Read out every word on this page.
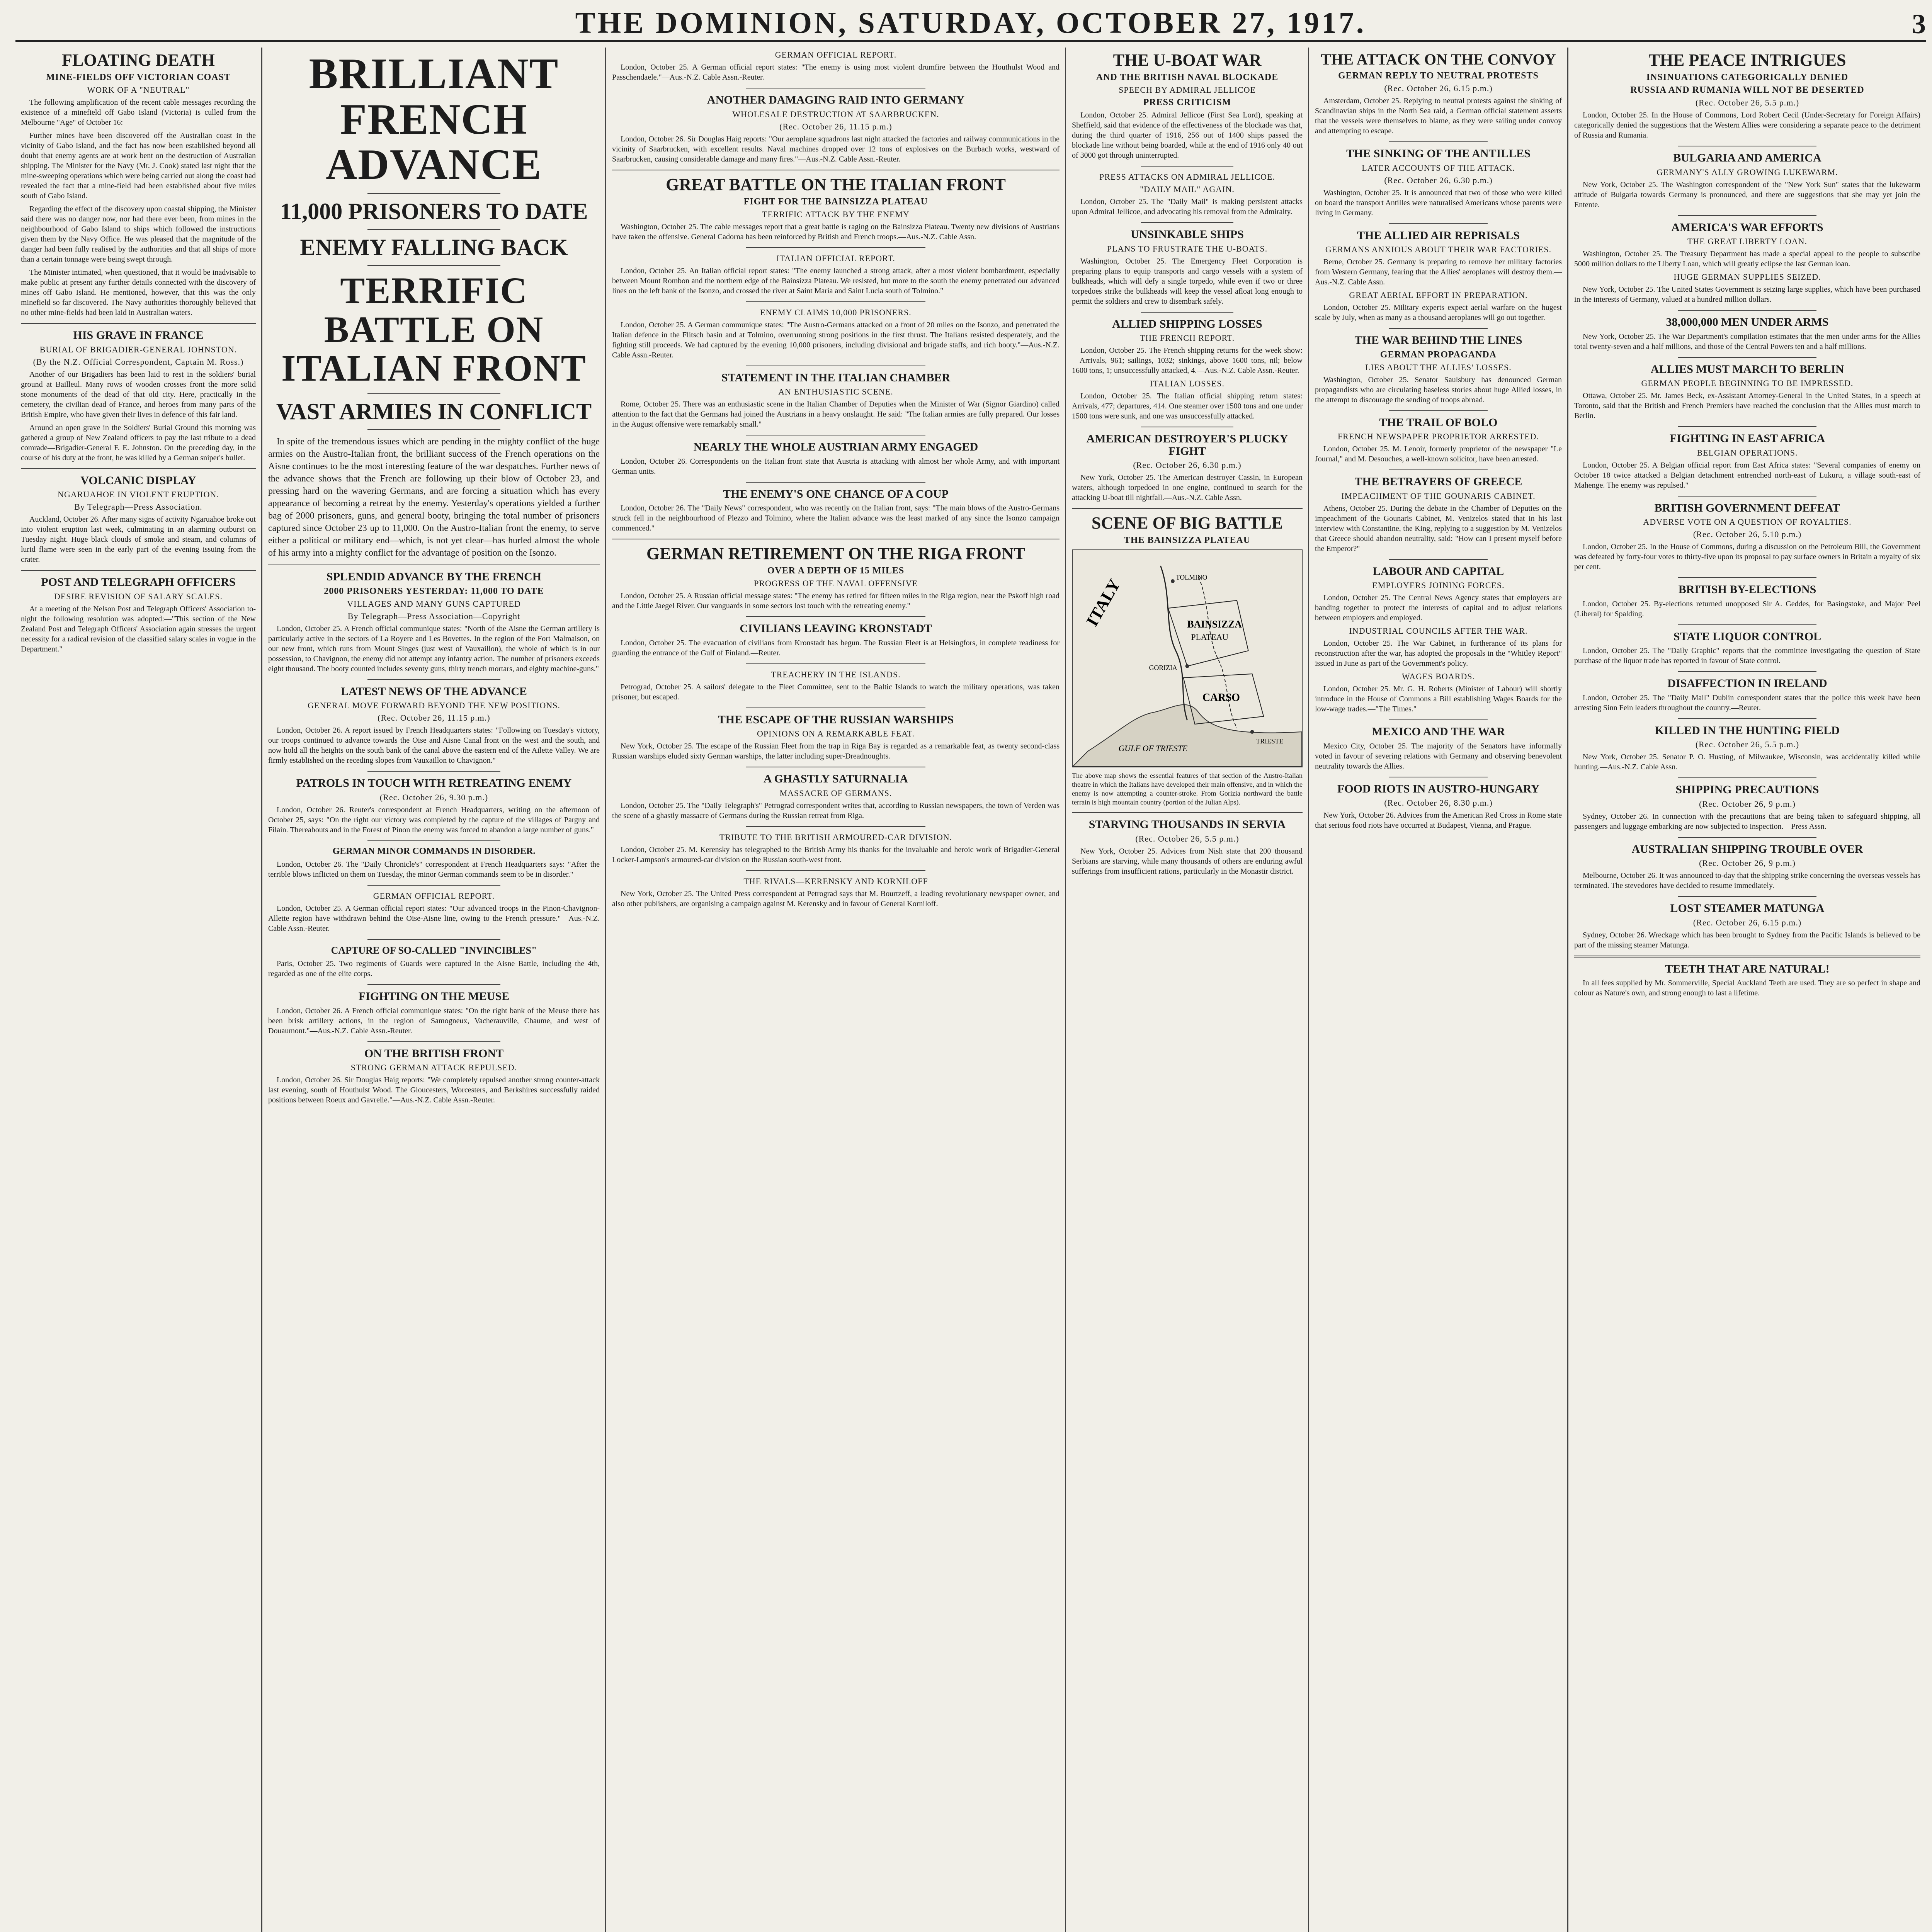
THE DOMINION, SATURDAY, OCTOBER 27, 1917.	3
FLOATING DEATH
MINE-FIELDS OFF VICTORIAN COAST
WORK OF A "NEUTRAL"

The following amplification of the recent cable messages recording the existence of a minefield off Gabo Island (Victoria) is culled from the Melbourne "Age" of October 16:—

Further mines have been discovered off the Australian coast in the vicinity of Gabo Island, and the fact has now been established beyond all doubt that enemy agents are at work bent on the destruction of Australian shipping. The Minister for the Navy (Mr. J. Cook) stated last night that the mine-sweeping operations which were being carried out along the coast had revealed the fact that a mine-field had been established about five miles south of Gabo Island.

Regarding the effect of the discovery upon coastal shipping, the Minister said there was no danger now, nor had there ever been, from mines in the neighbourhood of Gabo Island to ships which followed the instructions given them by the Navy Office. He was pleased that the magnitude of the danger had been fully realised by the authorities and that all ships of more than a certain tonnage were being swept through.

The Minister intimated, when questioned, that it would be inadvisable to make public at present any further details connected with the discovery of mines off Gabo Island. He mentioned, however, that this was the only minefield so far discovered. The Navy authorities thoroughly believed that no other mine-fields had been laid in Australian waters.

HIS GRAVE IN FRANCE
BURIAL OF BRIGADIER-GENERAL JOHNSTON.
(By the N.Z. Official Correspondent, Captain M. Ross.)

Another of our Brigadiers has been laid to rest in the soldiers' burial ground at Bailleul. Many rows of wooden crosses front the more solid stone monuments of the dead of that old city. Here, practically in the cemetery, the civilian dead of France, and heroes from many parts of the British Empire, who have given their lives in defence of this fair land.

Around an open grave in the Soldiers' Burial Ground this morning was gathered a group of New Zealand officers to pay the last tribute to a dead comrade—Brigadier-General F. E. Johnston. On the preceding day, in the course of his duty at the front, he was killed by a German sniper's bullet.

VOLCANIC DISPLAY
NGARUAHOE IN VIOLENT ERUPTION.
By Telegraph—Press Association.

Auckland, October 26. After many signs of activity Ngaruahoe broke out into violent eruption last week, culminating in an alarming outburst on Tuesday night. Huge black clouds of smoke and steam, and columns of lurid flame were seen in the early part of the evening issuing from the crater.

POST AND TELEGRAPH OFFICERS
DESIRE REVISION OF SALARY SCALES.

At a meeting of the Nelson Post and Telegraph Officers' Association to-night the following resolution was adopted:—"This section of the New Zealand Post and Telegraph Officers' Association again stresses the urgent necessity for a radical revision of the classified salary scales in vogue in the Department."

BRILLIANT FRENCH ADVANCE
11,000 PRISONERS TO DATE
ENEMY FALLING BACK
TERRIFIC BATTLE ON ITALIAN FRONT
VAST ARMIES IN CONFLICT

In spite of the tremendous issues which are pending in the mighty conflict of the huge armies on the Austro-Italian front, the brilliant success of the French operations on the Aisne continues to be the most interesting feature of the war despatches. Further news of the advance shows that the French are following up their blow of October 23, and pressing hard on the wavering Germans, and are forcing a situation which has every appearance of becoming a retreat by the enemy. Yesterday's operations yielded a further bag of 2000 prisoners, guns, and general booty, bringing the total number of prisoners captured since October 23 up to 11,000. On the Austro-Italian front the enemy, to serve either a political or military end—which, is not yet clear—has hurled almost the whole of his army into a mighty conflict for the advantage of position on the Isonzo.

SPLENDID ADVANCE BY THE FRENCH
2000 PRISONERS YESTERDAY: 11,000 TO DATE
VILLAGES AND MANY GUNS CAPTURED
By Telegraph—Press Association—Copyright

London, October 25. A French official communique states: "North of the Aisne the German artillery is particularly active in the sectors of La Royere and Les Bovettes. In the region of the Fort Malmaison, on our new front, which runs from Mount Singes (just west of Vauxaillon), the whole of which is in our possession, to Chavignon, the enemy did not attempt any infantry action. The number of prisoners exceeds eight thousand. The booty counted includes seventy guns, thirty trench mortars, and eighty machine-guns."

LATEST NEWS OF THE ADVANCE
GENERAL MOVE FORWARD BEYOND THE NEW POSITIONS.
(Rec. October 26, 11.15 p.m.)

London, October 26. A report issued by French Headquarters states: "Following on Tuesday's victory, our troops continued to advance towards the Oise and Aisne Canal front on the west and the south, and now hold all the heights on the south bank of the canal above the eastern end of the Ailette Valley. We are firmly established on the receding slopes from Vauxaillon to Chavignon."

PATROLS IN TOUCH WITH RETREATING ENEMY
(Rec. October 26, 9.30 p.m.)

London, October 26. Reuter's correspondent at French Headquarters, writing on the afternoon of October 25, says: "On the right our victory was completed by the capture of the villages of Pargny and Filain. Thereabouts and in the Forest of Pinon the enemy was forced to abandon a large number of guns."

GERMAN MINOR COMMANDS IN DISORDER.

London, October 26. The "Daily Chronicle's" correspondent at French Headquarters says: "After the terrible blows inflicted on them on Tuesday, the minor German commands seem to be in disorder."

GERMAN OFFICIAL REPORT.

London, October 25. A German official report states: "Our advanced troops in the Pinon-Chavignon-Allette region have withdrawn behind the Oise-Aisne line, owing to the French pressure."—Aus.-N.Z. Cable Assn.-Reuter.

CAPTURE OF SO-CALLED "INVINCIBLES"

Paris, October 25. Two regiments of Guards were captured in the Aisne Battle, including the 4th, regarded as one of the elite corps.

FIGHTING ON THE MEUSE

London, October 26. A French official communique states: "On the right bank of the Meuse there has been brisk artillery actions, in the region of Samogneux, Vacherauville, Chaume, and west of Douaumont."—Aus.-N.Z. Cable Assn.-Reuter.

ON THE BRITISH FRONT
STRONG GERMAN ATTACK REPULSED.

London, October 26. Sir Douglas Haig reports: "We completely repulsed another strong counter-attack last evening, south of Houthulst Wood. The Gloucesters, Worcesters, and Berkshires successfully raided positions between Roeux and Gavrelle."—Aus.-N.Z. Cable Assn.-Reuter.

GERMAN OFFICIAL REPORT.

London, October 25. A German official report states: "The enemy is using most violent drumfire between the Houthulst Wood and Passchendaele."—Aus.-N.Z. Cable Assn.-Reuter.

ANOTHER DAMAGING RAID INTO GERMANY
WHOLESALE DESTRUCTION AT SAARBRUCKEN.
(Rec. October 26, 11.15 p.m.)

London, October 26. Sir Douglas Haig reports: "Our aeroplane squadrons last night attacked the factories and railway communications in the vicinity of Saarbrucken, with excellent results. Naval machines dropped over 12 tons of explosives on the Burbach works, westward of Saarbrucken, causing considerable damage and many fires."—Aus.-N.Z. Cable Assn.-Reuter.

GREAT BATTLE ON THE ITALIAN FRONT
FIGHT FOR THE BAINSIZZA PLATEAU
TERRIFIC ATTACK BY THE ENEMY

Washington, October 25. The cable messages report that a great battle is raging on the Bainsizza Plateau. Twenty new divisions of Austrians have taken the offensive. General Cadorna has been reinforced by British and French troops.—Aus.-N.Z. Cable Assn.

ITALIAN OFFICIAL REPORT.

London, October 25. An Italian official report states: "The enemy launched a strong attack, after a most violent bombardment, especially between Mount Rombon and the northern edge of the Bainsizza Plateau. We resisted, but more to the south the enemy penetrated our advanced lines on the left bank of the Isonzo, and crossed the river at Saint Maria and Saint Lucia south of Tolmino."

ENEMY CLAIMS 10,000 PRISONERS.

London, October 25. A German communique states: "The Austro-Germans attacked on a front of 20 miles on the Isonzo, and penetrated the Italian defence in the Flitsch basin and at Tolmino, overrunning strong positions in the first thrust. The Italians resisted desperately, and the fighting still proceeds. We had captured by the evening 10,000 prisoners, including divisional and brigade staffs, and rich booty."—Aus.-N.Z. Cable Assn.-Reuter.

STATEMENT IN THE ITALIAN CHAMBER
AN ENTHUSIASTIC SCENE.

Rome, October 25. There was an enthusiastic scene in the Italian Chamber of Deputies when the Minister of War (Signor Giardino) called attention to the fact that the Germans had joined the Austrians in a heavy onslaught. He said: "The Italian armies are fully prepared. Our losses in the August offensive were remarkably small."

NEARLY THE WHOLE AUSTRIAN ARMY ENGAGED

London, October 26. Correspondents on the Italian front state that Austria is attacking with almost her whole Army, and with important German units.

THE ENEMY'S ONE CHANCE OF A COUP

London, October 26. The "Daily News" correspondent, who was recently on the Italian front, says: "The main blows of the Austro-Germans struck fell in the neighbourhood of Plezzo and Tolmino, where the Italian advance was the least marked of any since the Isonzo campaign commenced."

GERMAN RETIREMENT ON THE RIGA FRONT
OVER A DEPTH OF 15 MILES
PROGRESS OF THE NAVAL OFFENSIVE

London, October 25. A Russian official message states: "The enemy has retired for fifteen miles in the Riga region, near the Pskoff high road and the Little Jaegel River. Our vanguards in some sectors lost touch with the retreating enemy."

CIVILIANS LEAVING KRONSTADT

London, October 25. The evacuation of civilians from Kronstadt has begun. The Russian Fleet is at Helsingfors, in complete readiness for guarding the entrance of the Gulf of Finland.—Reuter.

TREACHERY IN THE ISLANDS.

Petrograd, October 25. A sailors' delegate to the Fleet Committee, sent to the Baltic Islands to watch the military operations, was taken prisoner, but escaped.

THE ESCAPE OF THE RUSSIAN WARSHIPS
OPINIONS ON A REMARKABLE FEAT.

New York, October 25. The escape of the Russian Fleet from the trap in Riga Bay is regarded as a remarkable feat, as twenty second-class Russian warships eluded sixty German warships, the latter including super-Dreadnoughts.

A GHASTLY SATURNALIA
MASSACRE OF GERMANS.

London, October 25. The "Daily Telegraph's" Petrograd correspondent writes that, according to Russian newspapers, the town of Verden was the scene of a ghastly massacre of Germans during the Russian retreat from Riga.

TRIBUTE TO THE BRITISH ARMOURED-CAR DIVISION.

London, October 25. M. Kerensky has telegraphed to the British Army his thanks for the invaluable and heroic work of Brigadier-General Locker-Lampson's armoured-car division on the Russian south-west front.

THE RIVALS—KERENSKY AND KORNILOFF

New York, October 25. The United Press correspondent at Petrograd says that M. Bourtzeff, a leading revolutionary newspaper owner, and also other publishers, are organising a campaign against M. Kerensky and in favour of General Korniloff.

THE U-BOAT WAR
AND THE BRITISH NAVAL BLOCKADE
SPEECH BY ADMIRAL JELLICOE
PRESS CRITICISM

London, October 25. Admiral Jellicoe (First Sea Lord), speaking at Sheffield, said that evidence of the effectiveness of the blockade was that, during the third quarter of 1916, 256 out of 1400 ships passed the blockade line without being boarded, while at the end of 1916 only 40 out of 3000 got through uninterrupted.

PRESS ATTACKS ON ADMIRAL JELLICOE.
"DAILY MAIL" AGAIN.

London, October 25. The "Daily Mail" is making persistent attacks upon Admiral Jellicoe, and advocating his removal from the Admiralty.

UNSINKABLE SHIPS
PLANS TO FRUSTRATE THE U-BOATS.

Washington, October 25. The Emergency Fleet Corporation is preparing plans to equip transports and cargo vessels with a system of bulkheads, which will defy a single torpedo, while even if two or three torpedoes strike the bulkheads will keep the vessel afloat long enough to permit the soldiers and crew to disembark safely.

ALLIED SHIPPING LOSSES
THE FRENCH REPORT.

London, October 25. The French shipping returns for the week show:—Arrivals, 961; sailings, 1032; sinkings, above 1600 tons, nil; below 1600 tons, 1; unsuccessfully attacked, 4.—Aus.-N.Z. Cable Assn.-Reuter.

ITALIAN LOSSES.

London, October 25. The Italian official shipping return states: Arrivals, 477; departures, 414. One steamer over 1500 tons and one under 1500 tons were sunk, and one was unsuccessfully attacked.

AMERICAN DESTROYER'S PLUCKY FIGHT
(Rec. October 26, 6.30 p.m.)

New York, October 25. The American destroyer Cassin, in European waters, although torpedoed in one engine, continued to search for the attacking U-boat till nightfall.—Aus.-N.Z. Cable Assn.

SCENE OF BIG BATTLE
THE BAINSIZZA PLATEAU
ITALY	TOLMINO
BAINSIZZA
PLATEAU
GORIZIA
CARSO
GULF OF TRIESTE
TRIESTE
The above map shows the essential features of that section of the Austro-Italian theatre in which the Italians have developed their main offensive, and in which the enemy is now attempting a counter-stroke. From Gorizia northward the battle terrain is high mountain country (portion of the Julian Alps).
STARVING THOUSANDS IN SERVIA
(Rec. October 26, 5.5 p.m.)

New York, October 25. Advices from Nish state that 200 thousand Serbians are starving, while many thousands of others are enduring awful sufferings from insufficient rations, particularly in the Monastir district.

THE ATTACK ON THE CONVOY
GERMAN REPLY TO NEUTRAL PROTESTS
(Rec. October 26, 6.15 p.m.)

Amsterdam, October 25. Replying to neutral protests against the sinking of Scandinavian ships in the North Sea raid, a German official statement asserts that the vessels were themselves to blame, as they were sailing under convoy and attempting to escape.

THE SINKING OF THE ANTILLES
LATER ACCOUNTS OF THE ATTACK.
(Rec. October 26, 6.30 p.m.)

Washington, October 25. It is announced that two of those who were killed on board the transport Antilles were naturalised Americans whose parents were living in Germany.

THE ALLIED AIR REPRISALS
GERMANS ANXIOUS ABOUT THEIR WAR FACTORIES.

Berne, October 25. Germany is preparing to remove her military factories from Western Germany, fearing that the Allies' aeroplanes will destroy them.—Aus.-N.Z. Cable Assn.

GREAT AERIAL EFFORT IN PREPARATION.

London, October 25. Military experts expect aerial warfare on the hugest scale by July, when as many as a thousand aeroplanes will go out together.

THE WAR BEHIND THE LINES
GERMAN PROPAGANDA
LIES ABOUT THE ALLIES' LOSSES.

Washington, October 25. Senator Saulsbury has denounced German propagandists who are circulating baseless stories about huge Allied losses, in the attempt to discourage the sending of troops abroad.

THE TRAIL OF BOLO
FRENCH NEWSPAPER PROPRIETOR ARRESTED.

London, October 25. M. Lenoir, formerly proprietor of the newspaper "Le Journal," and M. Desouches, a well-known solicitor, have been arrested.

THE BETRAYERS OF GREECE
IMPEACHMENT OF THE GOUNARIS CABINET.

Athens, October 25. During the debate in the Chamber of Deputies on the impeachment of the Gounaris Cabinet, M. Venizelos stated that in his last interview with Constantine, the King, replying to a suggestion by M. Venizelos that Greece should abandon neutrality, said: "How can I present myself before the Emperor?"

LABOUR AND CAPITAL
EMPLOYERS JOINING FORCES.

London, October 25. The Central News Agency states that employers are banding together to protect the interests of capital and to adjust relations between employers and employed.

INDUSTRIAL COUNCILS AFTER THE WAR.

London, October 25. The War Cabinet, in furtherance of its plans for reconstruction after the war, has adopted the proposals in the "Whitley Report" issued in June as part of the Government's policy.

WAGES BOARDS.

London, October 25. Mr. G. H. Roberts (Minister of Labour) will shortly introduce in the House of Commons a Bill establishing Wages Boards for the low-wage trades.—"The Times."

MEXICO AND THE WAR

Mexico City, October 25. The majority of the Senators have informally voted in favour of severing relations with Germany and observing benevolent neutrality towards the Allies.

FOOD RIOTS IN AUSTRO-HUNGARY
(Rec. October 26, 8.30 p.m.)

New York, October 26. Advices from the American Red Cross in Rome state that serious food riots have occurred at Budapest, Vienna, and Prague.

THE PEACE INTRIGUES
INSINUATIONS CATEGORICALLY DENIED
RUSSIA AND RUMANIA WILL NOT BE DESERTED
(Rec. October 26, 5.5 p.m.)

London, October 25. In the House of Commons, Lord Robert Cecil (Under-Secretary for Foreign Affairs) categorically denied the suggestions that the Western Allies were considering a separate peace to the detriment of Russia and Rumania.

BULGARIA AND AMERICA
GERMANY'S ALLY GROWING LUKEWARM.

New York, October 25. The Washington correspondent of the "New York Sun" states that the lukewarm attitude of Bulgaria towards Germany is pronounced, and there are suggestions that she may yet join the Entente.

AMERICA'S WAR EFFORTS
THE GREAT LIBERTY LOAN.

Washington, October 25. The Treasury Department has made a special appeal to the people to subscribe 5000 million dollars to the Liberty Loan, which will greatly eclipse the last German loan.

HUGE GERMAN SUPPLIES SEIZED.

New York, October 25. The United States Government is seizing large supplies, which have been purchased in the interests of Germany, valued at a hundred million dollars.

38,000,000 MEN UNDER ARMS

New York, October 25. The War Department's compilation estimates that the men under arms for the Allies total twenty-seven and a half millions, and those of the Central Powers ten and a half millions.

ALLIES MUST MARCH TO BERLIN
GERMAN PEOPLE BEGINNING TO BE IMPRESSED.

Ottawa, October 25. Mr. James Beck, ex-Assistant Attorney-General in the United States, in a speech at Toronto, said that the British and French Premiers have reached the conclusion that the Allies must march to Berlin.

FIGHTING IN EAST AFRICA
BELGIAN OPERATIONS.

London, October 25. A Belgian official report from East Africa states: "Several companies of enemy on October 18 twice attacked a Belgian detachment entrenched north-east of Lukuru, a village south-east of Mahenge. The enemy was repulsed."

BRITISH GOVERNMENT DEFEAT
ADVERSE VOTE ON A QUESTION OF ROYALTIES.
(Rec. October 26, 5.10 p.m.)

London, October 25. In the House of Commons, during a discussion on the Petroleum Bill, the Government was defeated by forty-four votes to thirty-five upon its proposal to pay surface owners in Britain a royalty of six per cent.

BRITISH BY-ELECTIONS

London, October 25. By-elections returned unopposed Sir A. Geddes, for Basingstoke, and Major Peel (Liberal) for Spalding.

STATE LIQUOR CONTROL

London, October 25. The "Daily Graphic" reports that the committee investigating the question of State purchase of the liquor trade has reported in favour of State control.

DISAFFECTION IN IRELAND

London, October 25. The "Daily Mail" Dublin correspondent states that the police this week have been arresting Sinn Fein leaders throughout the country.—Reuter.

KILLED IN THE HUNTING FIELD
(Rec. October 26, 5.5 p.m.)

New York, October 25. Senator P. O. Husting, of Milwaukee, Wisconsin, was accidentally killed while hunting.—Aus.-N.Z. Cable Assn.

SHIPPING PRECAUTIONS
(Rec. October 26, 9 p.m.)

Sydney, October 26. In connection with the precautions that are being taken to safeguard shipping, all passengers and luggage embarking are now subjected to inspection.—Press Assn.

AUSTRALIAN SHIPPING TROUBLE OVER
(Rec. October 26, 9 p.m.)

Melbourne, October 26. It was announced to-day that the shipping strike concerning the overseas vessels has terminated. The stevedores have decided to resume immediately.

LOST STEAMER MATUNGA
(Rec. October 26, 6.15 p.m.)

Sydney, October 26. Wreckage which has been brought to Sydney from the Pacific Islands is believed to be part of the missing steamer Matunga.

TEETH THAT ARE NATURAL!

In all fees supplied by Mr. Sommerville, Special Auckland Teeth are used. They are so perfect in shape and colour as Nature's own, and strong enough to last a lifetime.
